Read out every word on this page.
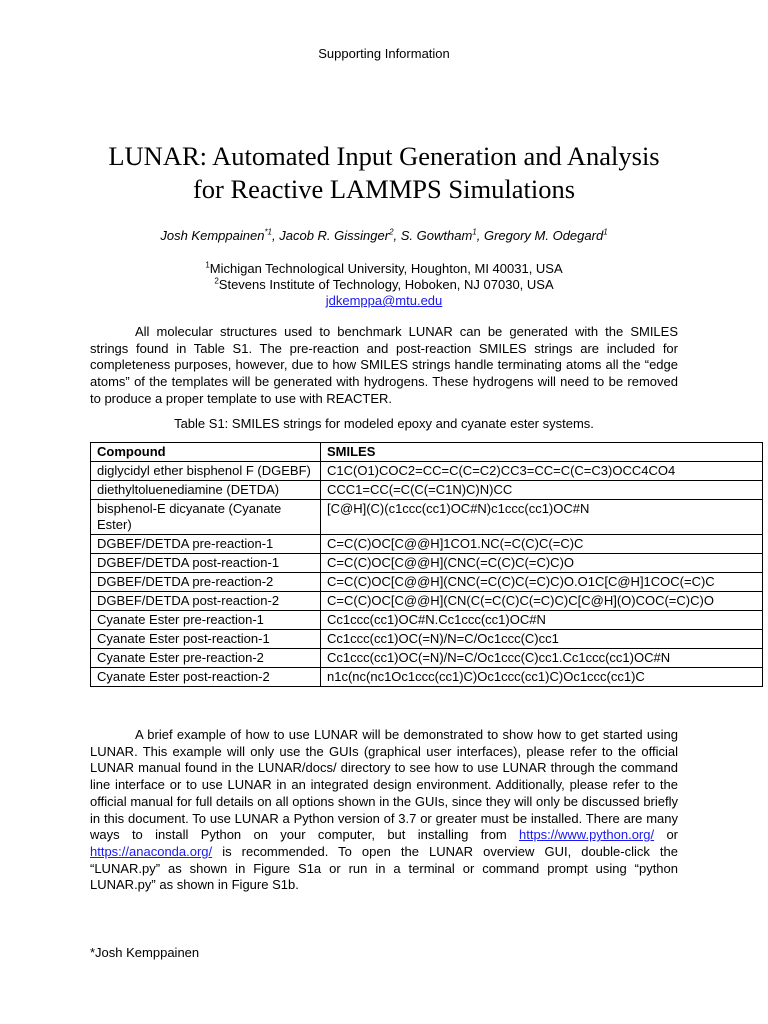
Supporting Information
LUNAR: Automated Input Generation and Analysis
for Reactive LAMMPS Simulations
Josh Kemppainen$^{*1}$, Jacob R. Gissinger$^2$, S. Gowtham$^1$, Gregory M. Odegard$^1$
$^1$Michigan Technological University, Houghton, MI 40031, USA
$^2$Stevens Institute of Technology, Hoboken, NJ 07030, USA
jdkemppa@mtu.edu
All molecular structures used to benchmark LUNAR can be generated with the SMILES strings found in Table S1. The pre-reaction and post-reaction SMILES strings are included for completeness purposes, however, due to how SMILES strings handle terminating atoms all the “edge atoms” of the templates will be generated with hydrogens. These hydrogens will need to be removed to produce a proper template to use with REACTER.
Table S1: SMILES strings for modeled epoxy and cyanate ester systems.
Compound	SMILES
diglycidyl ether bisphenol F (DGEBF)	C1C(O1)COC2=CC=C(C=C2)CC3=CC=C(C=C3)OCC4CO4
diethyltoluenediamine (DETDA)	CCC1=CC(=C(C(=C1N)C)N)CC
bisphenol-E dicyanate (Cyanate Ester)	[C@H](C)(c1ccc(cc1)OC#N)c1ccc(cc1)OC#N
DGBEF/DETDA pre-reaction-1	C=C(C)OC[C@@H]1CO1.NC(=C(C)C(=C)C
DGBEF/DETDA post-reaction-1	C=C(C)OC[C@@H](CNC(=C(C)C(=C)C)O
DGBEF/DETDA pre-reaction-2	C=C(C)OC[C@@H](CNC(=C(C)C(=C)C)O.O1C[C@H]1COC(=C)C
DGBEF/DETDA post-reaction-2	C=C(C)OC[C@@H](CN(C(=C(C)C(=C)C)C[C@H](O)COC(=C)C)O
Cyanate Ester pre-reaction-1	Cc1ccc(cc1)OC#N.Cc1ccc(cc1)OC#N
Cyanate Ester post-reaction-1	Cc1ccc(cc1)OC(=N)/N=C/Oc1ccc(C)cc1
Cyanate Ester pre-reaction-2	Cc1ccc(cc1)OC(=N)/N=C/Oc1ccc(C)cc1.Cc1ccc(cc1)OC#N
Cyanate Ester post-reaction-2	n1c(nc(nc1Oc1ccc(cc1)C)Oc1ccc(cc1)C)Oc1ccc(cc1)C
A brief example of how to use LUNAR will be demonstrated to show how to get started using LUNAR. This example will only use the GUIs (graphical user interfaces), please refer to the official LUNAR manual found in the LUNAR/docs/ directory to see how to use LUNAR through the command line interface or to use LUNAR in an integrated design environment. Additionally, please refer to the official manual for full details on all options shown in the GUIs, since they will only be discussed briefly in this document. To use LUNAR a Python version of 3.7 or greater must be installed. There are many ways to install Python on your computer, but installing from https://www.python.org/ or https://anaconda.org/ is recommended. To open the LUNAR overview GUI, double-click the “LUNAR.py” as shown in Figure S1a or run in a terminal or command prompt using “python LUNAR.py” as shown in Figure S1b.
*Josh Kemppainen
